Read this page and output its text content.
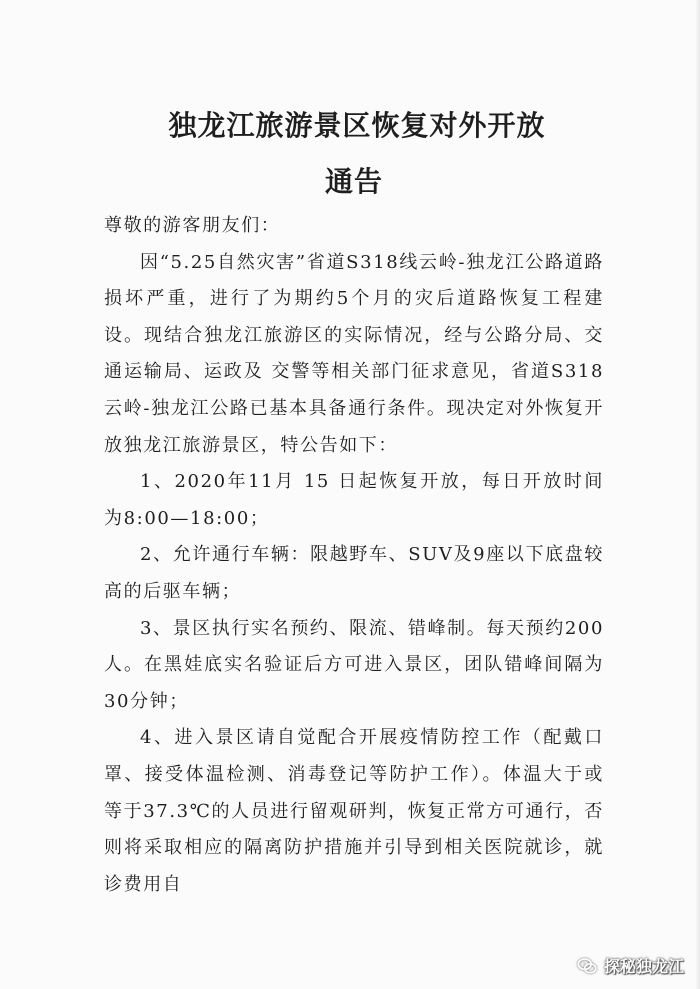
独龙江旅游景区恢复对外开放
通告

尊敬的游客朋友们：

因“5.25自然灾害”省道S318线云岭-独龙江公路道路损坏严重，进行了为期约5个月的灾后道路恢复工程建设。现结合独龙江旅游区的实际情况，经与公路分局、交通运输局、运政及 交警等相关部门征求意见，省道S318云岭-独龙江公路已基本具备通行条件。现决定对外恢复开放独龙江旅游景区，特公告如下：

1、2020年11月 15 日起恢复开放，每日开放时间为8:00—18:00；

2、允许通行车辆：限越野车、SUV及9座以下底盘较高的后驱车辆；

3、景区执行实名预约、限流、错峰制。每天预约200人。在黑娃底实名验证后方可进入景区，团队错峰间隔为30分钟；

4、进入景区请自觉配合开展疫情防控工作（配戴口罩、接受体温检测、消毒登记等防护工作）。体温大于或等于37.3℃的人员进行留观研判，恢复正常方可通行，否则将采取相应的隔离防护措施并引导到相关医院就诊，就诊费用自

探秘独龙江
